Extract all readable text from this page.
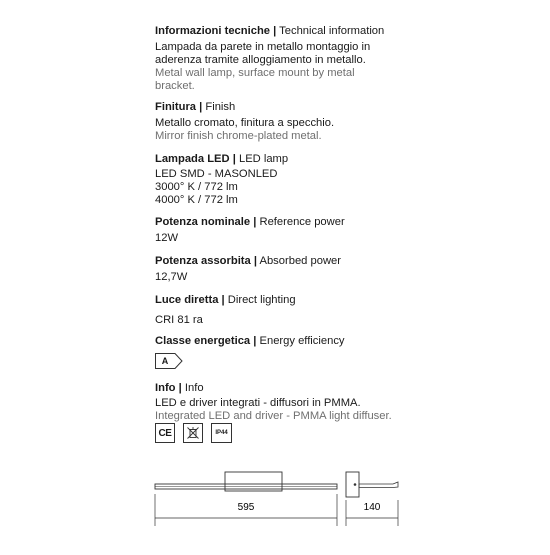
Informazioni tecniche | Technical information
Lampada da parete in metallo montaggio in
aderenza tramite alloggiamento in metallo.
Metal wall lamp, surface mount by metal
bracket.
Finitura | Finish
Metallo cromato, finitura a specchio.
Mirror finish chrome-plated metal.
Lampada LED | LED lamp
LED SMD - MASONLED
3000° K / 772 lm
4000° K / 772 lm
Potenza nominale | Reference power
12W
Potenza assorbita | Absorbed power
12,7W
Luce diretta | Direct lighting
CRI 81 ra
Classe energetica | Energy efficiency
A
Info | Info
LED e driver integrati - diffusori in PMMA.
Integrated LED and driver - PMMA light diffuser.
CE	IP44
595	140
